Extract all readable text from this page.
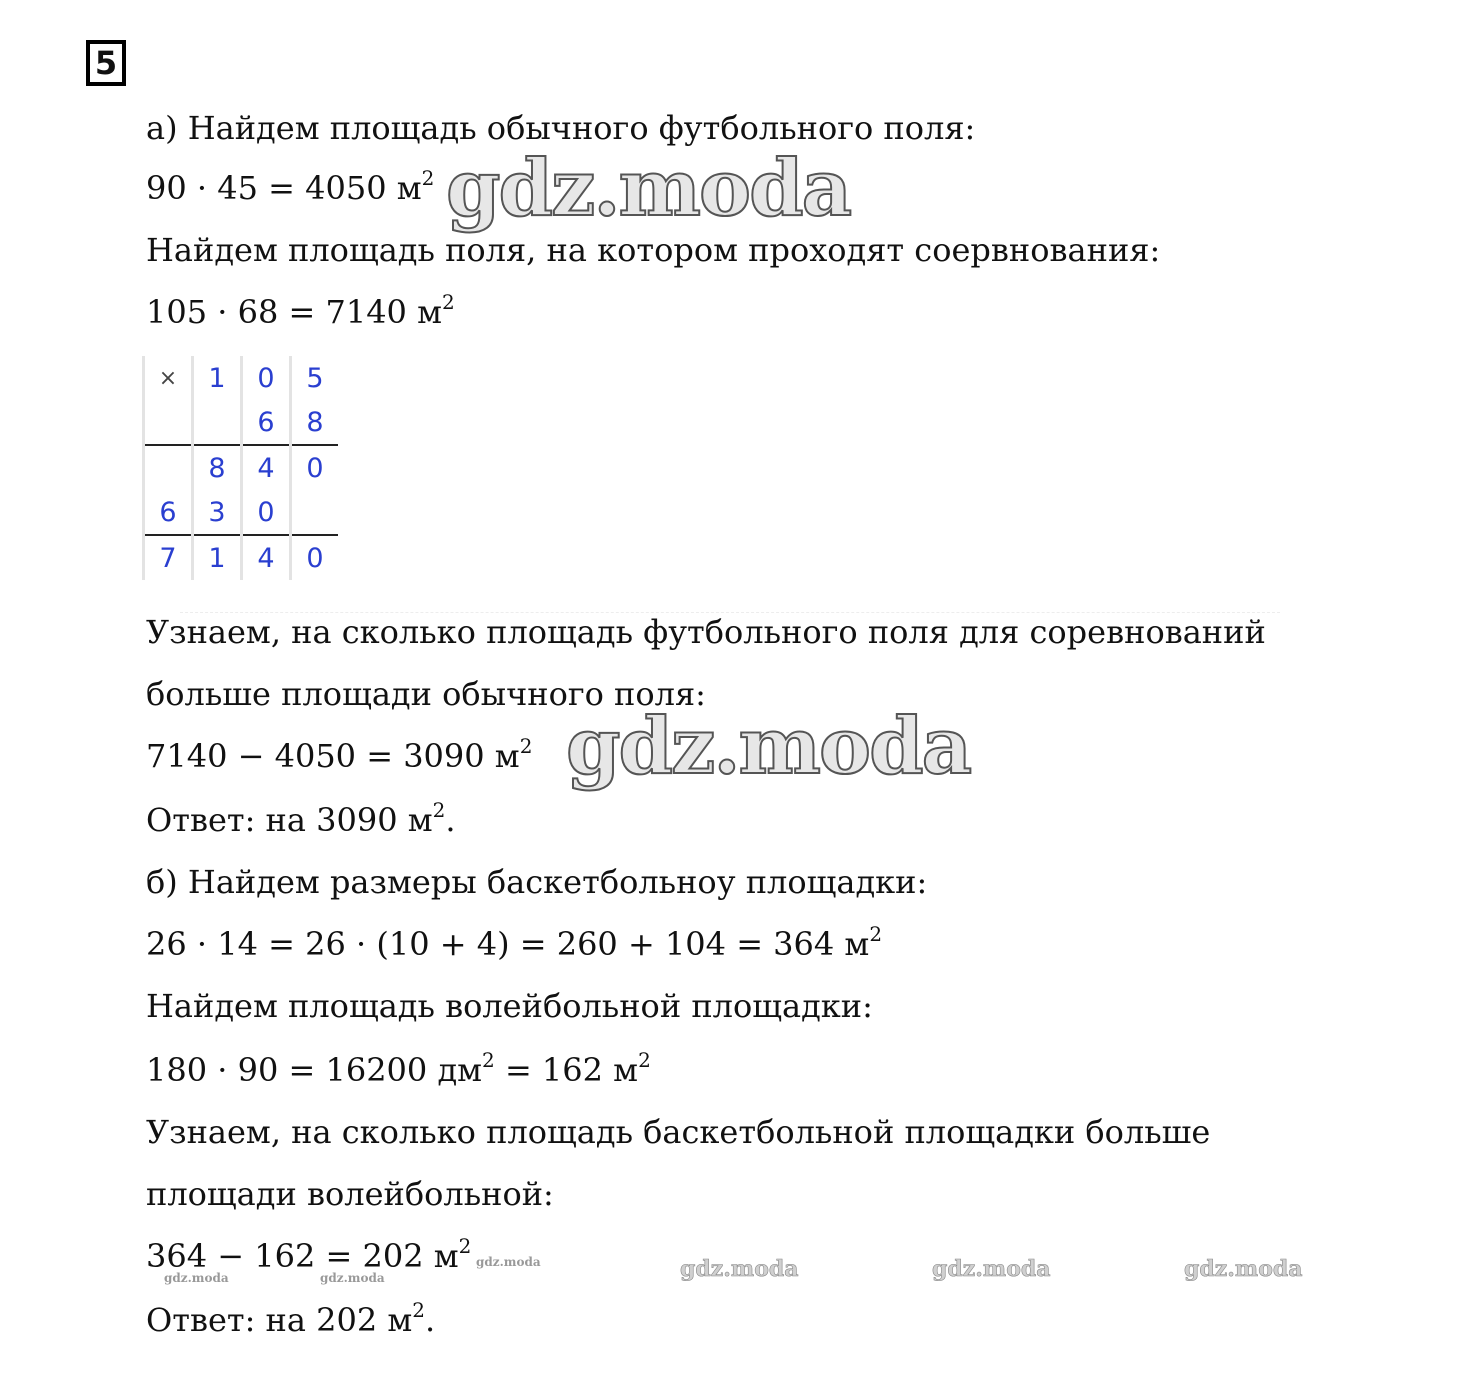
5
а) Найдем площадь обычного футбольного поля:
90 · 45 = 4050 $м^2$
Найдем площадь поля, на котором проходят соервнования:
105 · 68 = 7140 $м^2$
×	1	0	5
		6	8
	8	4	0
6	3	0	
7	1	4	0
Узнаем, на сколько площадь футбольного поля для соревнований
больше площади обычного поля:
7140 − 4050 = 3090 $м^2$
Ответ: на 3090 $м^2$.
б) Найдем размеры баскетбольноу площадки:
26 · 14 = 26 · (10 + 4) = 260 + 104 = 364 $м^2$
Найдем площадь волейбольной площадки:
180 · 90 = 16200 $дм^2 = 162$ $м^2$
Узнаем, на сколько площадь баскетбольной площадки больше
площади волейбольной:
364 − 162 = 202 $м^2$
Ответ: на 202 $м^2$.
gdz.moda
gdz.moda
gdz.moda	gdz.moda	gdz.moda
gdz.moda	gdz.moda
gdz.moda
